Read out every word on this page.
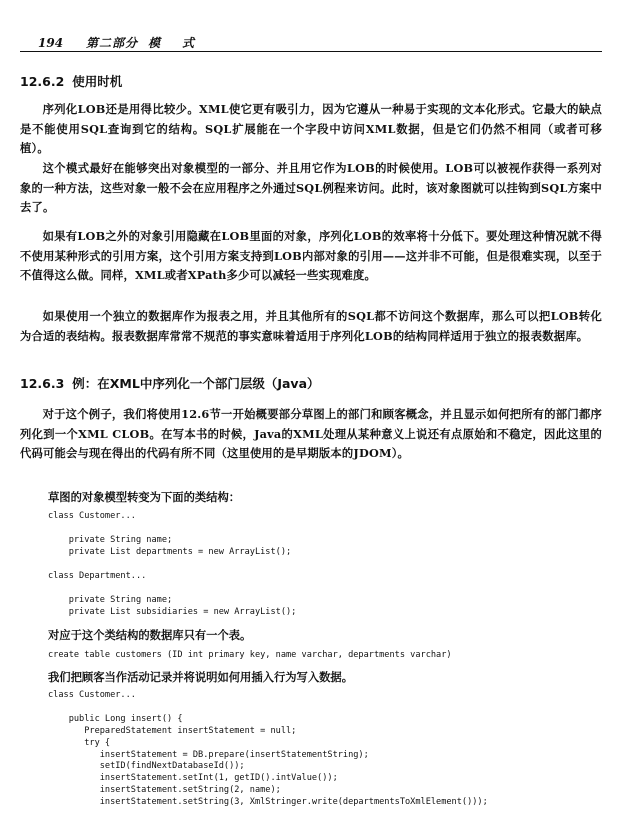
194 第二部分 模 式
12.6.2 使用时机

序列化LOB还是用得比较少。XML使它更有吸引力，因为它遵从一种易于实现的文本化形式。它最大的缺点是不能使用SQL查询到它的结构。SQL扩展能在一个字段中访问XML数据，但是它们仍然不相同（或者可移植）。

这个模式最好在能够突出对象模型的一部分、并且用它作为LOB的时候使用。LOB可以被视作获得一系列对象的一种方法，这些对象一般不会在应用程序之外通过SQL例程来访问。此时，该对象图就可以挂钩到SQL方案中去了。

如果有LOB之外的对象引用隐藏在LOB里面的对象，序列化LOB的效率将十分低下。要处理这种情况就不得不使用某种形式的引用方案，这个引用方案支持到LOB内部对象的引用——这并非不可能，但是很难实现，以至于不值得这么做。同样，XML或者XPath多少可以减轻一些实现难度。

如果使用一个独立的数据库作为报表之用，并且其他所有的SQL都不访问这个数据库，那么可以把LOB转化为合适的表结构。报表数据库常常不规范的事实意味着适用于序列化LOB的结构同样适用于独立的报表数据库。

12.6.3 例：在XML中序列化一个部门层级（Java）

对于这个例子，我们将使用12.6节一开始概要部分草图上的部门和顾客概念，并且显示如何把所有的部门都序列化到一个XML CLOB。在写本书的时候，Java的XML处理从某种意义上说还有点原始和不稳定，因此这里的代码可能会与现在得出的代码有所不同（这里使用的是早期版本的JDOM）。

草图的对象模型转变为下面的类结构：

class Customer...

private String name;
private List departments = new ArrayList();
class Department...

private String name;
private List subsidiaries = new ArrayList();

对应于这个类结构的数据库只有一个表。

create table customers (ID int primary key, name varchar, departments varchar)

我们把顾客当作活动记录并将说明如何用插入行为写入数据。

class Customer...

public Long insert() {
PreparedStatement insertStatement = null;
try {
insertStatement = DB.prepare(insertStatementString);
setID(findNextDatabaseId());
insertStatement.setInt(1, getID().intValue());
insertStatement.setString(2, name);
insertStatement.setString(3, XmlStringer.write(departmentsToXmlElement()));
